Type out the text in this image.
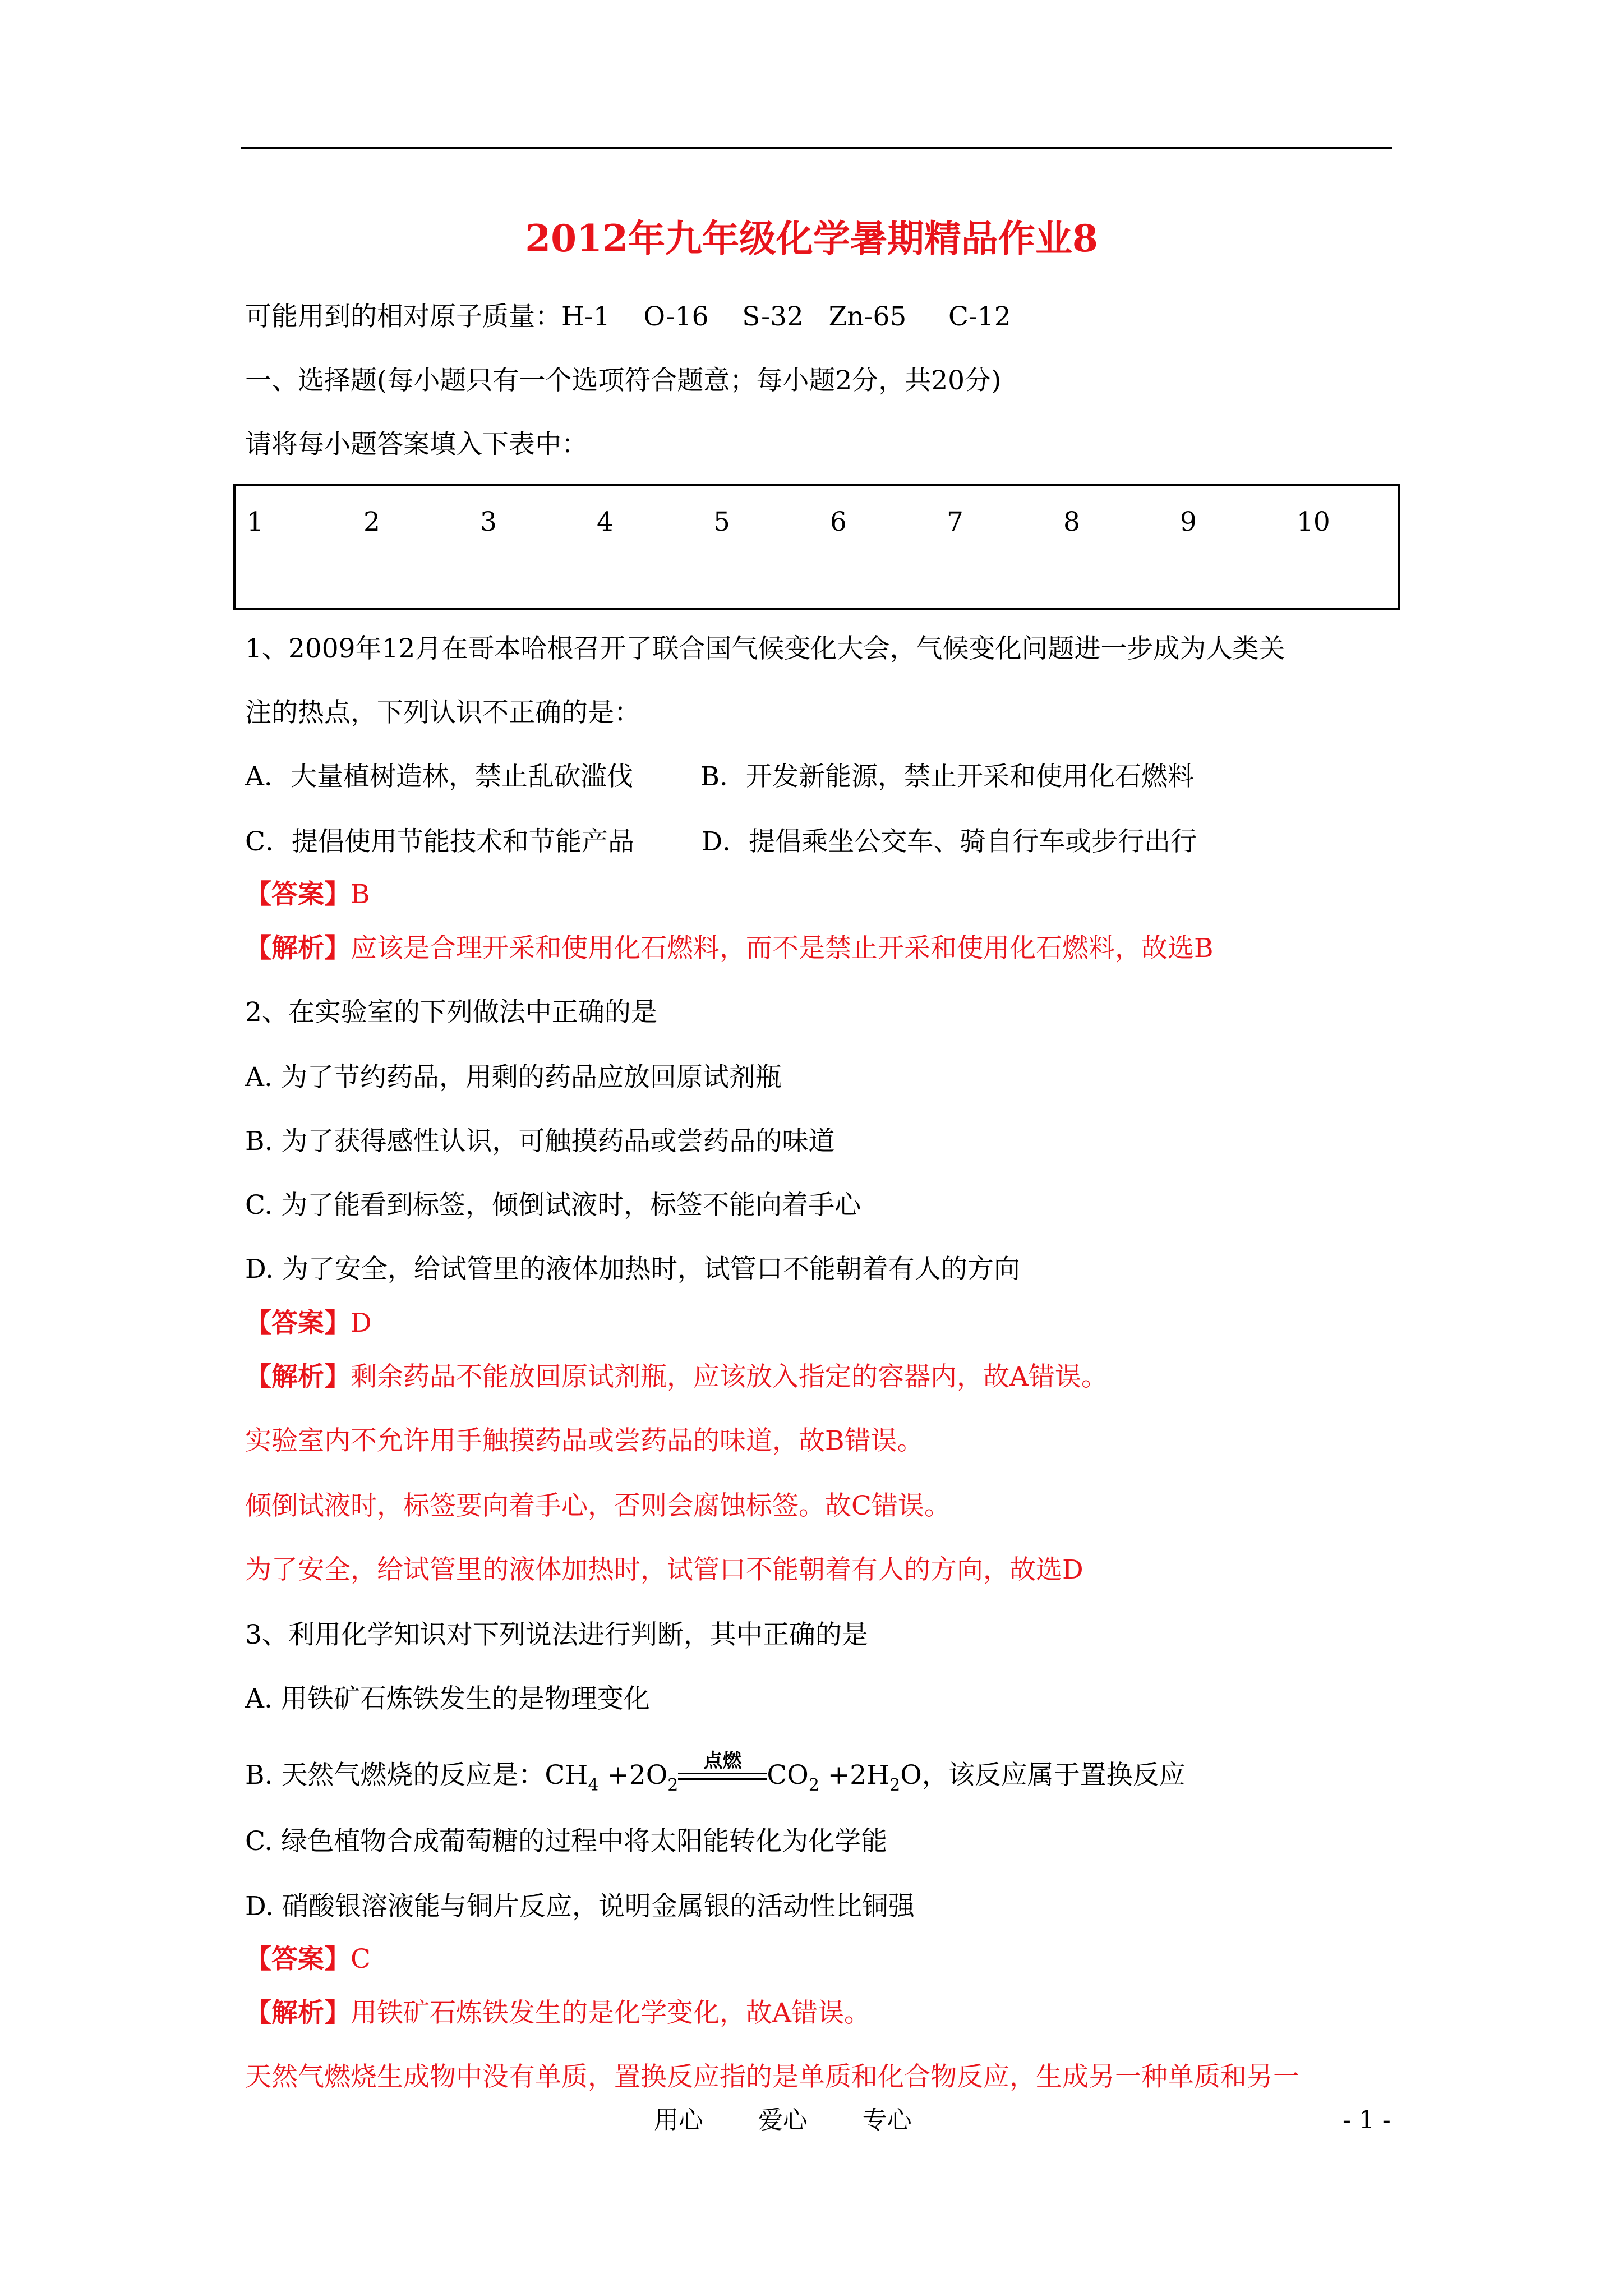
2012年九年级化学暑期精品作业8
可能用到的相对原子质量：H-1    O-16    S-32   Zn-65     C-12
一、选择题(每小题只有一个选项符合题意；每小题2分，共20分)
请将每小题答案填入下表中：
1	2	3	4	5	6	7	8	9	10
1、2009年12月在哥本哈根召开了联合国气候变化大会，气候变化问题进一步成为人类关
注的热点，下列认识不正确的是：
A．大量植树造林，禁止乱砍滥伐        B．开发新能源，禁止开采和使用化石燃料
C．提倡使用节能技术和节能产品        D．提倡乘坐公交车、骑自行车或步行出行
【答案】B
【解析】应该是合理开采和使用化石燃料，而不是禁止开采和使用化石燃料，故选B
2、在实验室的下列做法中正确的是
A. 为了节约药品，用剩的药品应放回原试剂瓶
B. 为了获得感性认识，可触摸药品或尝药品的味道
C. 为了能看到标签，倾倒试液时，标签不能向着手心
D. 为了安全，给试管里的液体加热时，试管口不能朝着有人的方向
【答案】D
【解析】剩余药品不能放回原试剂瓶，应该放入指定的容器内，故A错误。
实验室内不允许用手触摸药品或尝药品的味道，故B错误。
倾倒试液时，标签要向着手心，否则会腐蚀标签。故C错误。
为了安全，给试管里的液体加热时，试管口不能朝着有人的方向，故选D
3、利用化学知识对下列说法进行判断，其中正确的是
A. 用铁矿石炼铁发生的是物理变化
B. 天然气燃烧的反应是：$CH_4 +2O_2$
点燃 $CO_2 +2H_2O$，该反应属于置换反应
C. 绿色植物合成葡萄糖的过程中将太阳能转化为化学能
D. 硝酸银溶液能与铜片反应，说明金属银的活动性比铜强
【答案】C
【解析】用铁矿石炼铁发生的是化学变化，故A错误。
天然气燃烧生成物中没有单质，置换反应指的是单质和化合物反应，生成另一种单质和另一
用心       爱心       专心	- 1 -
